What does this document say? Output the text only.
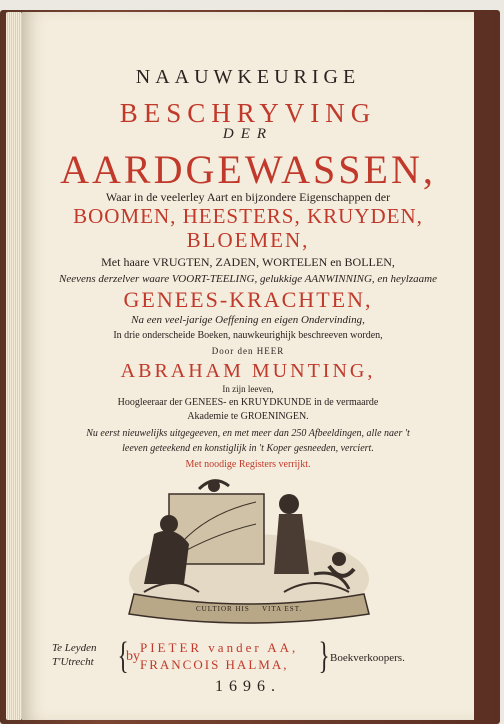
NAAUWKEURIGE
BESCHRYVING
DER
AARDGEWASSEN,
Waar in de veelerley Aart en bijzondere Eigenschappen der
BOOMEN, HEESTERS, KRUYDEN,
BLOEMEN,
Met haare VRUGTEN, ZADEN, WORTELEN en BOLLEN,
Neevens derzelver waare VOORT-TEELING, gelukkige AANWINNING, en heylzaame
GENEES-KRACHTEN,
Na een veel-jarige Oeffening en eigen Ondervinding,
In drie onderscheide Boeken, nauwkeurighijk beschreeven worden,
Door den HEER
ABRAHAM MUNTING,
In zijn leeven,
Hoogleeraar der GENEES- en KRUYDKUNDE in de vermaarde
Akademie te GROENINGEN.
Nu eerst nieuwelijks uitgegeeven, en met meer dan 250 Afbeeldingen, alle naer 't
leeven geteekend en konstiglijk in 't Koper gesneeden, verciert.
Met noodige Registers verrijkt.
CULTIOR HIS VITA EST.
Te Leyden
T'Utrecht {
by
PIETER vander AA,
FRANCOIS HALMA, } Boekverkoopers.
1696.
